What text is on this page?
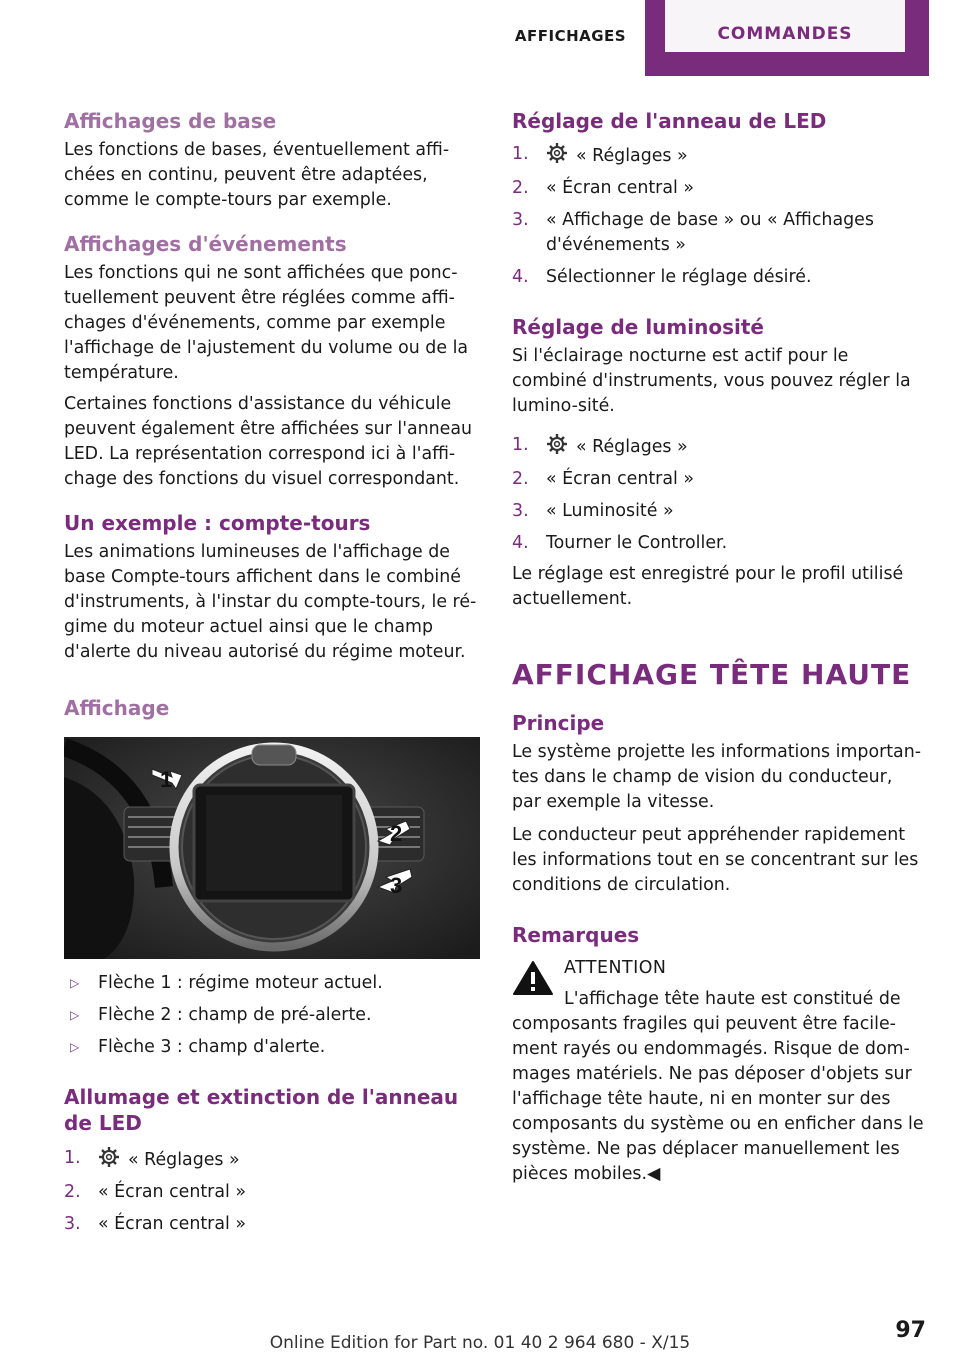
AFFICHAGES	COMMANDES
Affichages de base

Les fonctions de bases, éventuellement affi-chées en continu, peuvent être adaptées, comme le compte-tours par exemple.

Affichages d'événements

Les fonctions qui ne sont affichées que ponc-tuellement peuvent être réglées comme affi-chages d'événements, comme par exemple l'affichage de l'ajustement du volume ou de la température.

Certaines fonctions d'assistance du véhicule peuvent également être affichées sur l'anneau LED. La représentation correspond ici à l'affi-chage des fonctions du visuel correspondant.

Un exemple : compte-tours

Les animations lumineuses de l'affichage de base Compte-tours affichent dans le combiné d'instruments, à l'instar du compte-tours, le ré-gime du moteur actuel ainsi que le champ d'alerte du niveau autorisé du régime moteur.

Affichage
1
2
3
▷ Flèche 1 : régime moteur actuel.
▷ Flèche 2 : champ de pré-alerte.
▷ Flèche 3 : champ d'alerte.
Allumage et extinction de l'anneau de LED
1.	« Réglages »
2. « Écran central »
3. « Écran central »
Réglage de l'anneau de LED
1.	« Réglages »
2. « Écran central »
3. « Affichage de base » ou « Affichages d'événements »
4. Sélectionner le réglage désiré.
Réglage de luminosité

Si l'éclairage nocturne est actif pour le combiné d'instruments, vous pouvez régler la lumino-sité.

1.	« Réglages »
2. « Écran central »
3. « Luminosité »
4. Tourner le Controller.

Le réglage est enregistré pour le profil utilisé actuellement.

AFFICHAGE TÊTE HAUTE
Principe

Le système projette les informations importan-tes dans le champ de vision du conducteur, par exemple la vitesse.

Le conducteur peut appréhender rapidement les informations tout en se concentrant sur les conditions de circulation.

Remarques
ATTENTION

L'affichage tête haute est constitué de composants fragiles qui peuvent être facile-ment rayés ou endommagés. Risque de dom-mages matériels. Ne pas déposer d'objets sur l'affichage tête haute, ni en monter sur des composants du système ou en enficher dans le système. Ne pas déplacer manuellement les pièces mobiles.◀

97
Online Edition for Part no. 01 40 2 964 680 - X/15
